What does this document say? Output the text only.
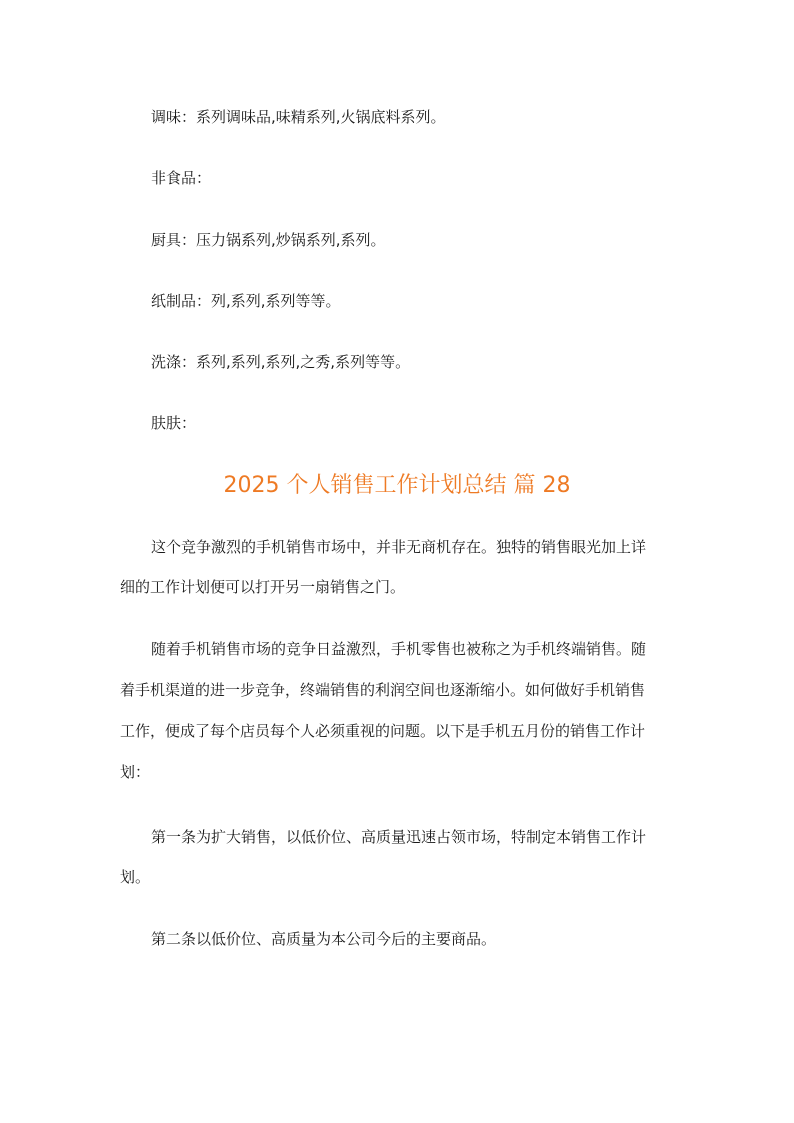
调味：系列调味品,味精系列,火锅底料系列。
非食品：
厨具：压力锅系列,炒锅系列,系列。
纸制品：列,系列,系列等等。
洗涤：系列,系列,系列,之秀,系列等等。
肤肤：
2025 个人销售工作计划总结 篇 28
这个竞争激烈的手机销售市场中，并非无商机存在。独特的销售眼光加上详
细的工作计划便可以打开另一扇销售之门。
随着手机销售市场的竞争日益激烈，手机零售也被称之为手机终端销售。随
着手机渠道的进一步竞争，终端销售的利润空间也逐渐缩小。如何做好手机销售
工作，便成了每个店员每个人必须重视的问题。以下是手机五月份的销售工作计
划：
第一条为扩大销售，以低价位、高质量迅速占领市场，特制定本销售工作计
划。
第二条以低价位、高质量为本公司今后的主要商品。
